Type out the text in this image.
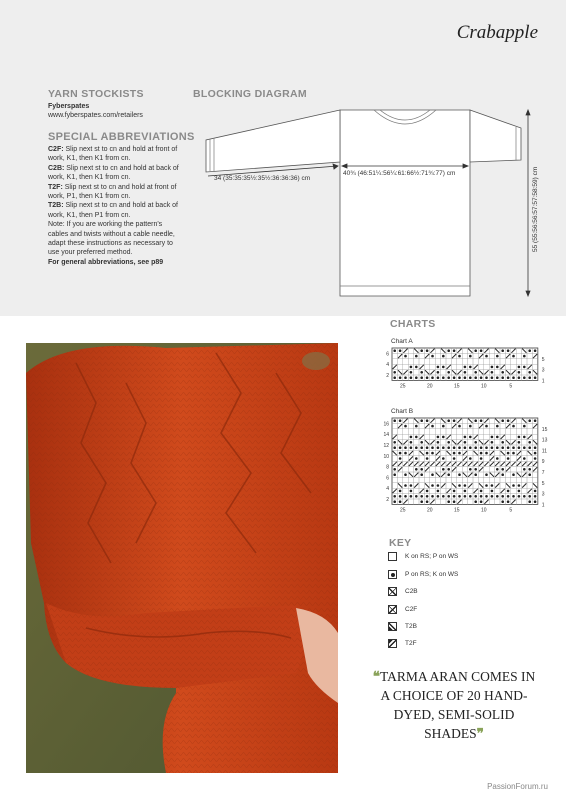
Crabapple
YARN STOCKISTS
Fyberspates
www.fyberspates.com/retailers
SPECIAL ABBREVIATIONS
C2F: Slip next st to cn and hold at front of work, K1, then K1 from cn.
C2B: Slip next st to cn and hold at back of work, K1, then K1 from cn.
T2F: Slip next st to cn and hold at front of work, P1, then K1 from cn.
T2B: Slip next st to cn and hold at back of work, K1, then P1 from cn.
Note: If you are working the pattern's cables and twists without a cable needle, adapt these instructions as necessary to use your preferred method.
For general abbreviations, see p89
BLOCKING DIAGRAM
34 (35:35:35½:35½:36:36:36) cm
40¾ (46:51¼:56¼:61:66½:71¾:77) cm	55 (55:56:56:57:57:58:59) cm
CHARTS
Chart A
6
4
2
5
3
1
25	20	15	10	5
Chart B
16
14
12
10
8
6
4
2
15
13
11
9
7
5
3
1
25	20	15	10	5
KEY
K on RS; P on WS
P on RS; K on WS
C2B
C2F
T2B
T2F
❝TARMA ARAN COMES IN A CHOICE OF 20 HAND-DYED, SEMI-SOLID SHADES❞
PassionForum.ru
